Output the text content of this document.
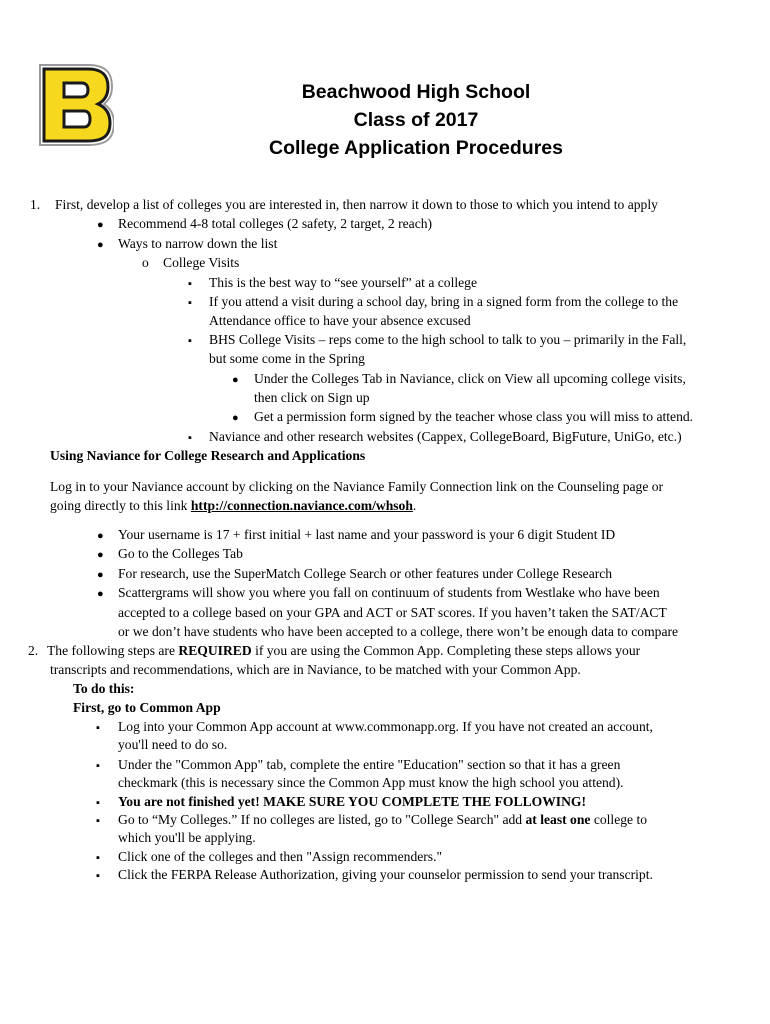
Beachwood High School
Class of 2017
College Application Procedures
1. First, develop a list of colleges you are interested in, then narrow it down to those to which you intend to apply
●
Recommend 4-8 total colleges (2 safety, 2 target, 2 reach)
●
Ways to narrow down the list
o College Visits
▪
This is the best way to “see yourself” at a college
▪
If you attend a visit during a school day, bring in a signed form from the college to the
Attendance office to have your absence excused
▪
BHS College Visits – reps come to the high school to talk to you – primarily in the Fall,
but some come in the Spring
●
Under the Colleges Tab in Naviance, click on View all upcoming college visits,
then click on Sign up
●
Get a permission form signed by the teacher whose class you will miss to attend.
▪
Naviance and other research websites (Cappex, CollegeBoard, BigFuture, UniGo, etc.)
Using Naviance for College Research and Applications
Log in to your Naviance account by clicking on the Naviance Family Connection link on the Counseling page or
going directly to this link http://connection.naviance.com/whsoh.
●
Your username is 17 + first initial + last name and your password is your 6 digit Student ID
●
Go to the Colleges Tab
●
For research, use the SuperMatch College Search or other features under College Research
●
Scattergrams will show you where you fall on continuum of students from Westlake who have been
accepted to a college based on your GPA and ACT or SAT scores. If you haven’t taken the SAT/ACT
or we don’t have students who have been accepted to a college, there won’t be enough data to compare
2. The following steps are REQUIRED if you are using the Common App. Completing these steps allows your
transcripts and recommendations, which are in Naviance, to be matched with your Common App.
To do this:
First, go to Common App
▪
Log into your Common App account at www.commonapp.org. If you have not created an account,
you'll need to do so.
▪
Under the "Common App" tab, complete the entire "Education" section so that it has a green
checkmark (this is necessary since the Common App must know the high school you attend).
▪
You are not finished yet! MAKE SURE YOU COMPLETE THE FOLLOWING!
▪
Go to “My Colleges.” If no colleges are listed, go to "College Search" add at least one college to
which you'll be applying.
▪
Click one of the colleges and then "Assign recommenders."
▪
Click the FERPA Release Authorization, giving your counselor permission to send your transcript.
